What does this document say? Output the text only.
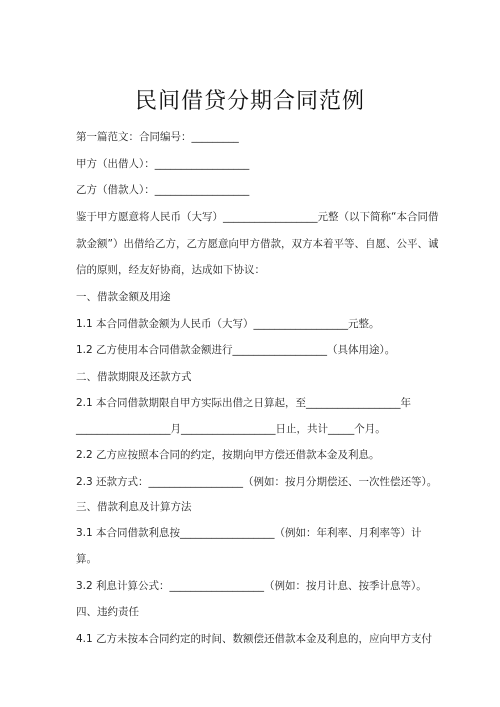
民间借贷分期合同范例
第一篇范文：合同编号：_________
甲方（出借人）：__________________
乙方（借款人）：__________________
鉴于甲方愿意将人民币（大写）__________________元整（以下简称“本合同借
款金额”）出借给乙方，乙方愿意向甲方借款，双方本着平等、自愿、公平、诚
信的原则，经友好协商，达成如下协议：
一、借款金额及用途
1.1 本合同借款金额为人民币（大写）__________________元整。
1.2 乙方使用本合同借款金额进行__________________（具体用途）。
二、借款期限及还款方式
2.1 本合同借款期限自甲方实际出借之日算起，至__________________年
__________________月__________________日止，共计_____个月。
2.2 乙方应按照本合同的约定，按期向甲方偿还借款本金及利息。
2.3 还款方式：__________________（例如：按月分期偿还、一次性偿还等）。
三、借款利息及计算方法
3.1 本合同借款利息按__________________（例如：年利率、月利率等）计
算。
3.2 利息计算公式：__________________（例如：按月计息、按季计息等）。
四、违约责任
4.1 乙方未按本合同约定的时间、数额偿还借款本金及利息的，应向甲方支付
